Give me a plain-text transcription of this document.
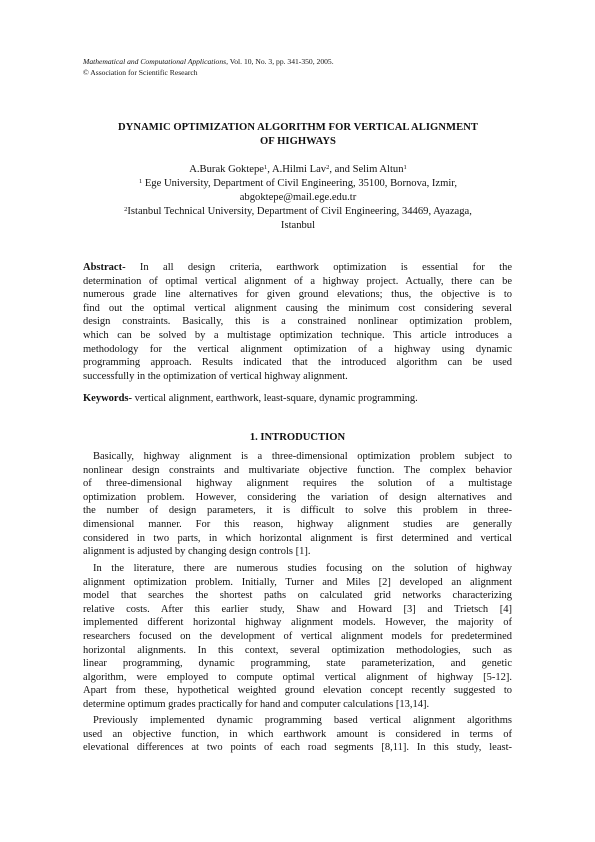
Mathematical and Computational Applications, Vol. 10, No. 3, pp. 341-350, 2005.
© Association for Scientific Research
DYNAMIC OPTIMIZATION ALGORITHM FOR VERTICAL ALIGNMENT
OF HIGHWAYS
A.Burak Goktepe$^1$, A.Hilmi Lav$^2$, and Selim Altun$^1$
$^1$ Ege University, Department of Civil Engineering, 35100, Bornova, Izmir,
abgoktepe@mail.ege.edu.tr
$^2$Istanbul Technical University, Department of Civil Engineering, 34469, Ayazaga,
Istanbul
Abstract- In all design criteria, earthwork optimization is essential for the
determination of optimal vertical alignment of a highway project. Actually, there can be
numerous grade line alternatives for given ground elevations; thus, the objective is to
find out the optimal vertical alignment causing the minimum cost considering several
design constraints. Basically, this is a constrained nonlinear optimization problem,
which can be solved by a multistage optimization technique. This article introduces a
methodology for the vertical alignment optimization of a highway using dynamic
programming approach. Results indicated that the introduced algorithm can be used
successfully in the optimization of vertical highway alignment.
Keywords- vertical alignment, earthwork, least-square, dynamic programming.
1. INTRODUCTION
Basically, highway alignment is a three-dimensional optimization problem subject to
nonlinear design constraints and multivariate objective function. The complex behavior
of three-dimensional highway alignment requires the solution of a multistage
optimization problem. However, considering the variation of design alternatives and
the number of design parameters, it is difficult to solve this problem in three-
dimensional manner. For this reason, highway alignment studies are generally
considered in two parts, in which horizontal alignment is first determined and vertical
alignment is adjusted by changing design controls [1].
In the literature, there are numerous studies focusing on the solution of highway
alignment optimization problem. Initially, Turner and Miles [2] developed an alignment
model that searches the shortest paths on calculated grid networks characterizing
relative costs. After this earlier study, Shaw and Howard [3] and Trietsch [4]
implemented different horizontal highway alignment models. However, the majority of
researchers focused on the development of vertical alignment models for predetermined
horizontal alignments. In this context, several optimization methodologies, such as
linear programming, dynamic programming, state parameterization, and genetic
algorithm, were employed to compute optimal vertical alignment of highway [5-12].
Apart from these, hypothetical weighted ground elevation concept recently suggested to
determine optimum grades practically for hand and computer calculations [13,14].
Previously implemented dynamic programming based vertical alignment algorithms
used an objective function, in which earthwork amount is considered in terms of
elevational differences at two points of each road segments [8,11]. In this study, least-
